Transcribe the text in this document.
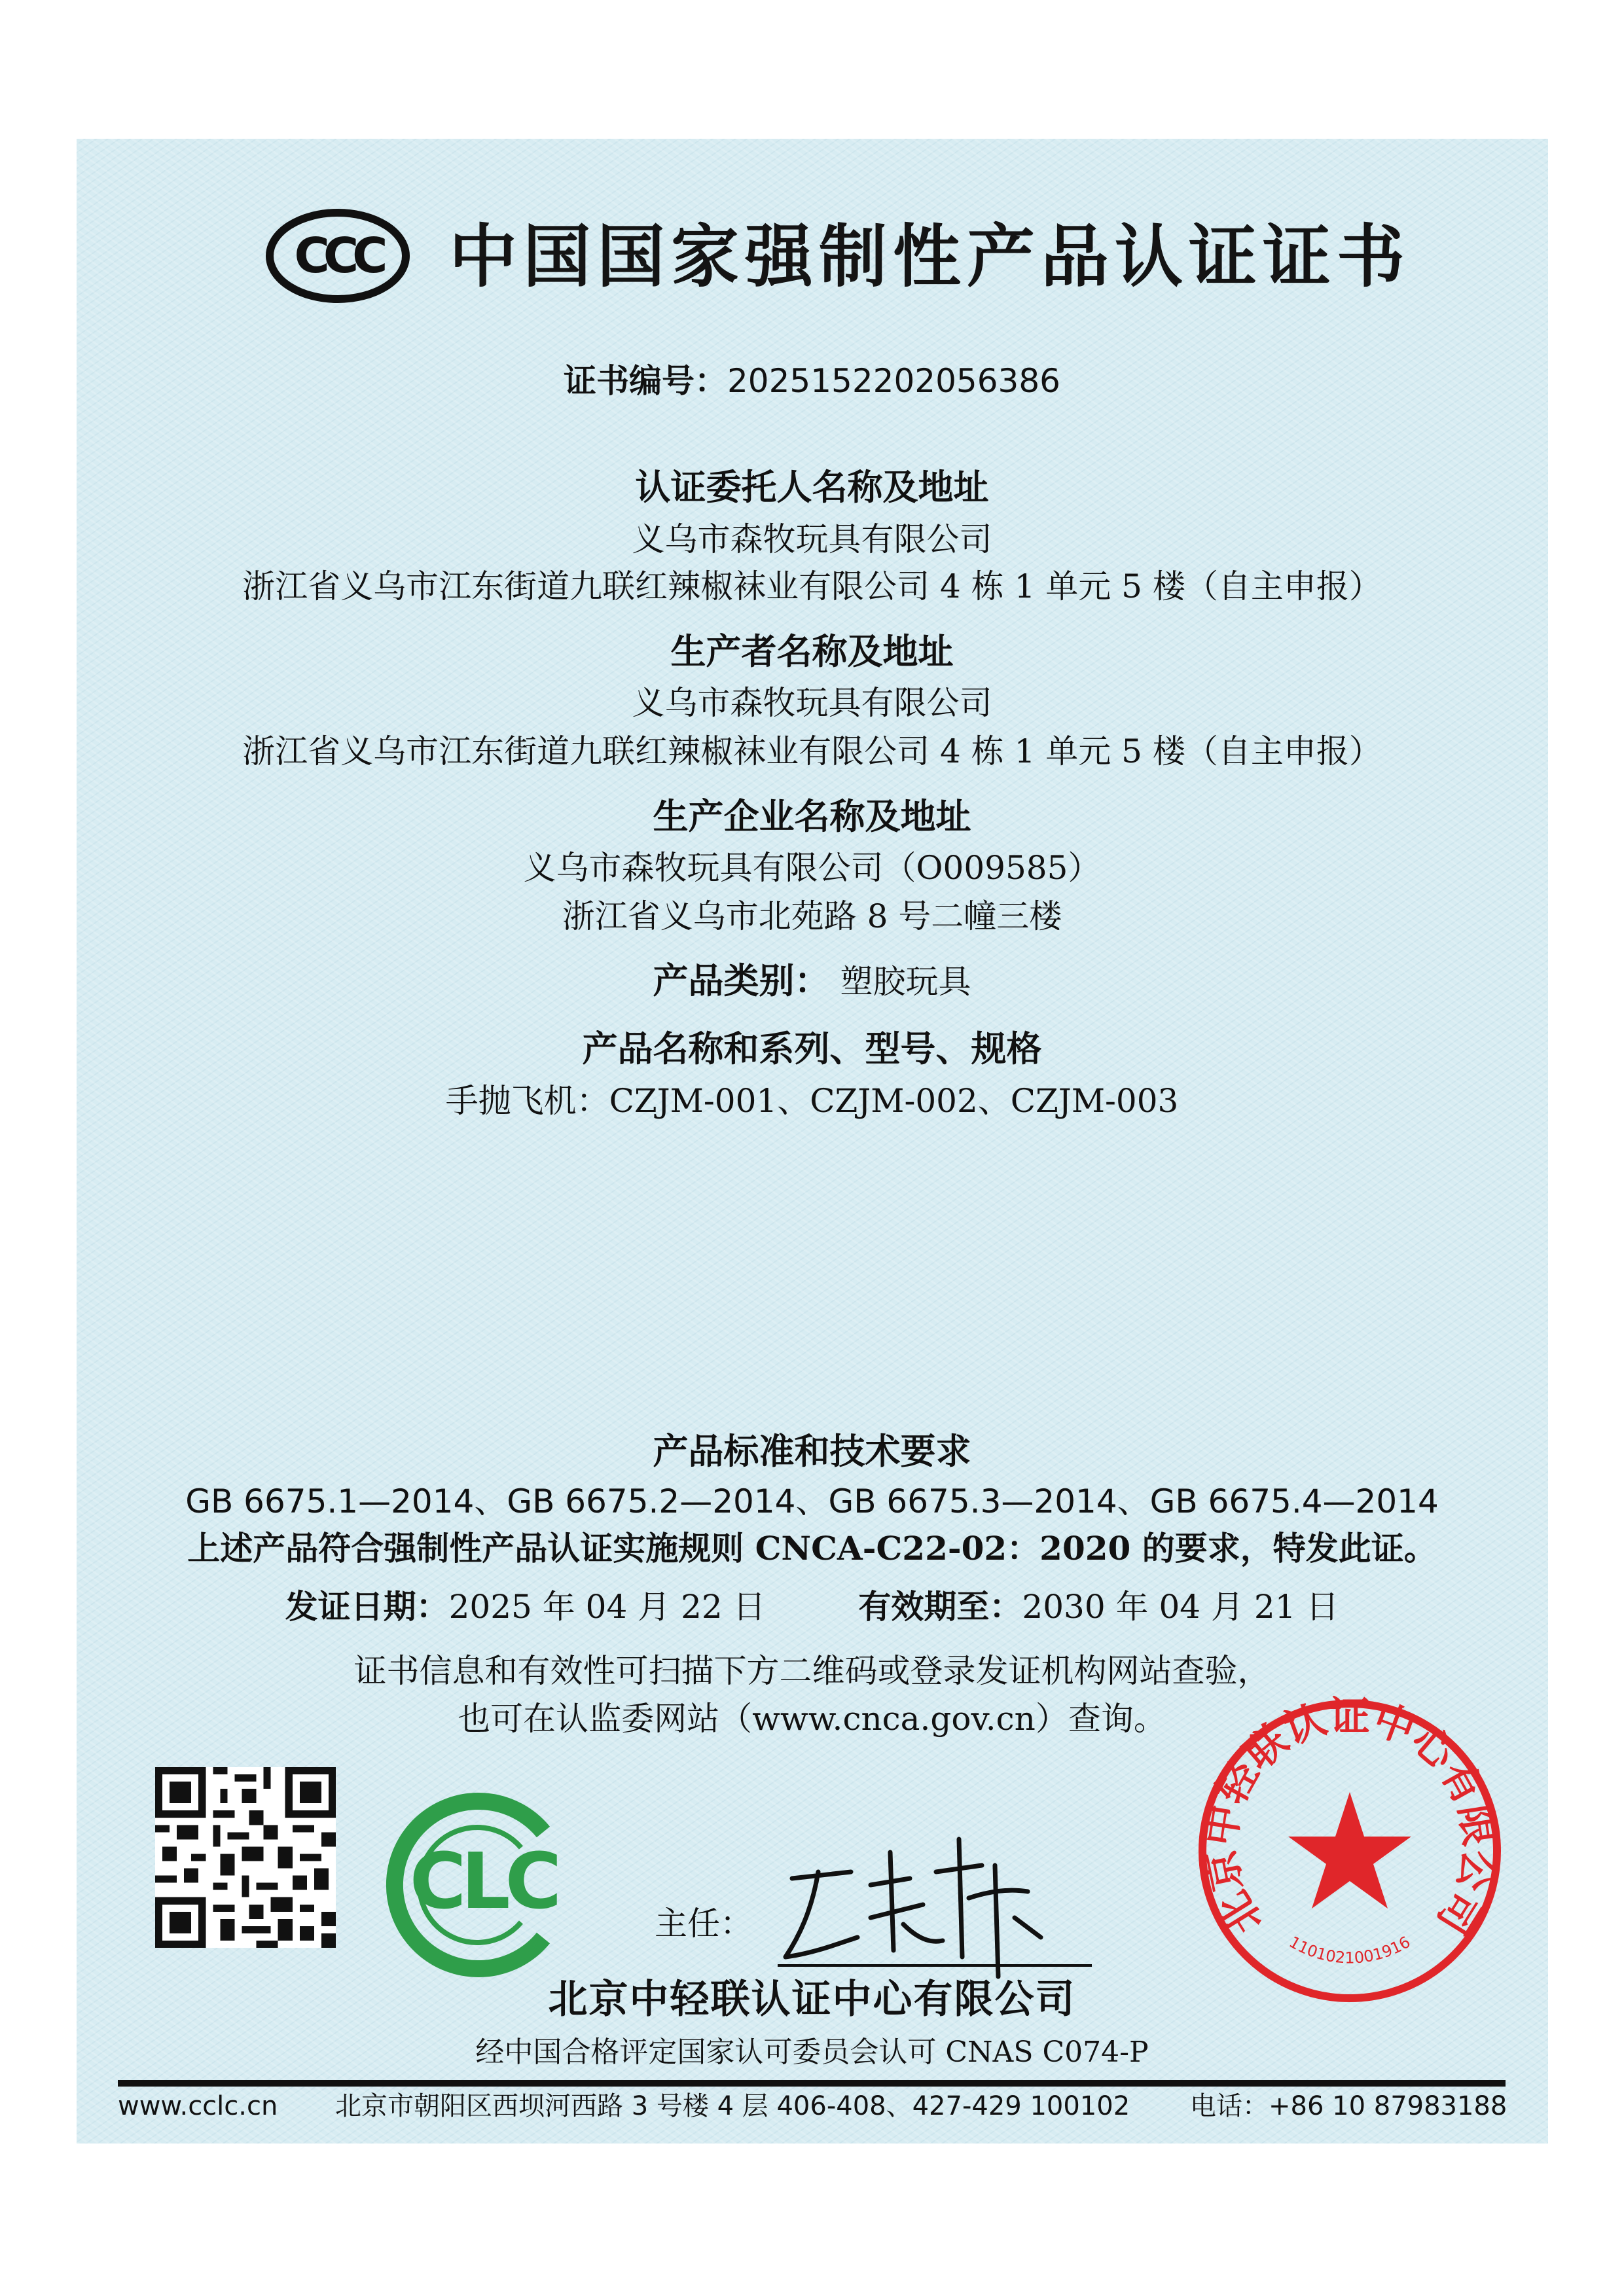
CCC 中国国家强制性产品认证证书
证书编号：2025152202056386
认证委托人名称及地址
义乌市森牧玩具有限公司
浙江省义乌市江东街道九联红辣椒袜业有限公司 4 栋 1 单元 5 楼（自主申报）
生产者名称及地址
义乌市森牧玩具有限公司
浙江省义乌市江东街道九联红辣椒袜业有限公司 4 栋 1 单元 5 楼（自主申报）
生产企业名称及地址
义乌市森牧玩具有限公司（O009585）
浙江省义乌市北苑路 8 号二幢三楼
产品类别： 塑胶玩具
产品名称和系列、型号、规格
手抛飞机：CZJM-001、CZJM-002、CZJM-003
产品标准和技术要求
GB 6675.1—2014、GB 6675.2—2014、GB 6675.3—2014、GB 6675.4—2014
上述产品符合强制性产品认证实施规则 CNCA-C22-02：2020 的要求，特发此证。
发证日期：2025 年 04 月 22 日	有效期至：2030 年 04 月 21 日
证书信息和有效性可扫描下方二维码或登录发证机构网站查验，
也可在认监委网站（www.cnca.gov.cn）查询。
CLC	主任：
北京中轻联认证中心有限公司
经中国合格评定国家认可委员会认可 CNAS C074-P
北京中轻联认证中心有限公司
1101021001916
www.cclc.cn 北京市朝阳区西坝河西路 3 号楼 4 层 406-408、427-429 100102 电话：+86 10 87983188
